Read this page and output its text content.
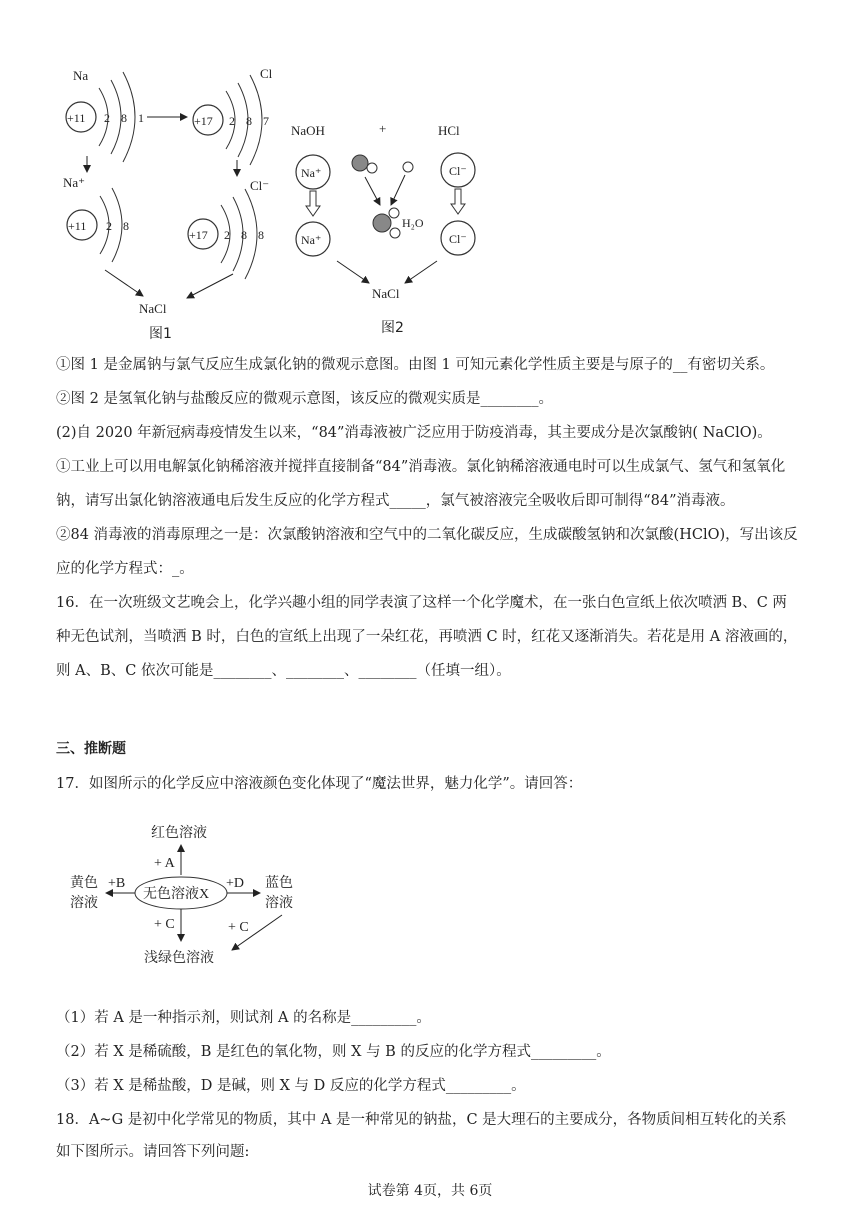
Na
+11 2 8 1
Cl
+17 2 8 7
Na⁺	Cl⁻
+11 2 8
+17 2 8 8
NaCl
图1
NaOH	+	HCl
Na⁺
Na⁺
H₂O
Cl⁻
Cl⁻
NaCl
图2
①图 1 是金属钠与氯气反应生成氯化钠的微观示意图。由图 1 可知元素化学性质主要是与原子的__有密切关系。
②图 2 是氢氧化钠与盐酸反应的微观示意图，该反应的微观实质是________。
(2)自 2020 年新冠病毒疫情发生以来，“84”消毒液被广泛应用于防疫消毒，其主要成分是次氯酸钠( NaClO)。
①工业上可以用电解氯化钠稀溶液并搅拌直接制备“84”消毒液。氯化钠稀溶液通电时可以生成氯气、氢气和氢氧化
钠，请写出氯化钠溶液通电后发生反应的化学方程式_____，氯气被溶液完全吸收后即可制得“84”消毒液。
②84 消毒液的消毒原理之一是：次氯酸钠溶液和空气中的二氧化碳反应，生成碳酸氢钠和次氯酸(HClO)，写出该反
应的化学方程式：_。
16．在一次班级文艺晚会上，化学兴趣小组的同学表演了这样一个化学魔术，在一张白色宣纸上依次喷洒 B、C 两
种无色试剂，当喷洒 B 时，白色的宣纸上出现了一朵红花，再喷洒 C 时，红花又逐渐消失。若花是用 A 溶液画的，
则 A、B、C 依次可能是________、________、________（任填一组）。
三、推断题
17．如图所示的化学反应中溶液颜色变化体现了“魔法世界，魅力化学”。请回答：
红色溶液
+ A
无色溶液X
黄色
溶液
+B	蓝色
溶液
+D
+ C	+ C
浅绿色溶液
（1）若 A 是一种指示剂，则试剂 A 的名称是_________。
（2）若 X 是稀硫酸，B 是红色的氧化物，则 X 与 B 的反应的化学方程式_________。
（3）若 X 是稀盐酸，D 是碱，则 X 与 D 反应的化学方程式_________。
18．A~G 是初中化学常见的物质，其中 A 是一种常见的钠盐，C 是大理石的主要成分，各物质间相互转化的关系
如下图所示。请回答下列问题:
试卷第 4页，共 6页
